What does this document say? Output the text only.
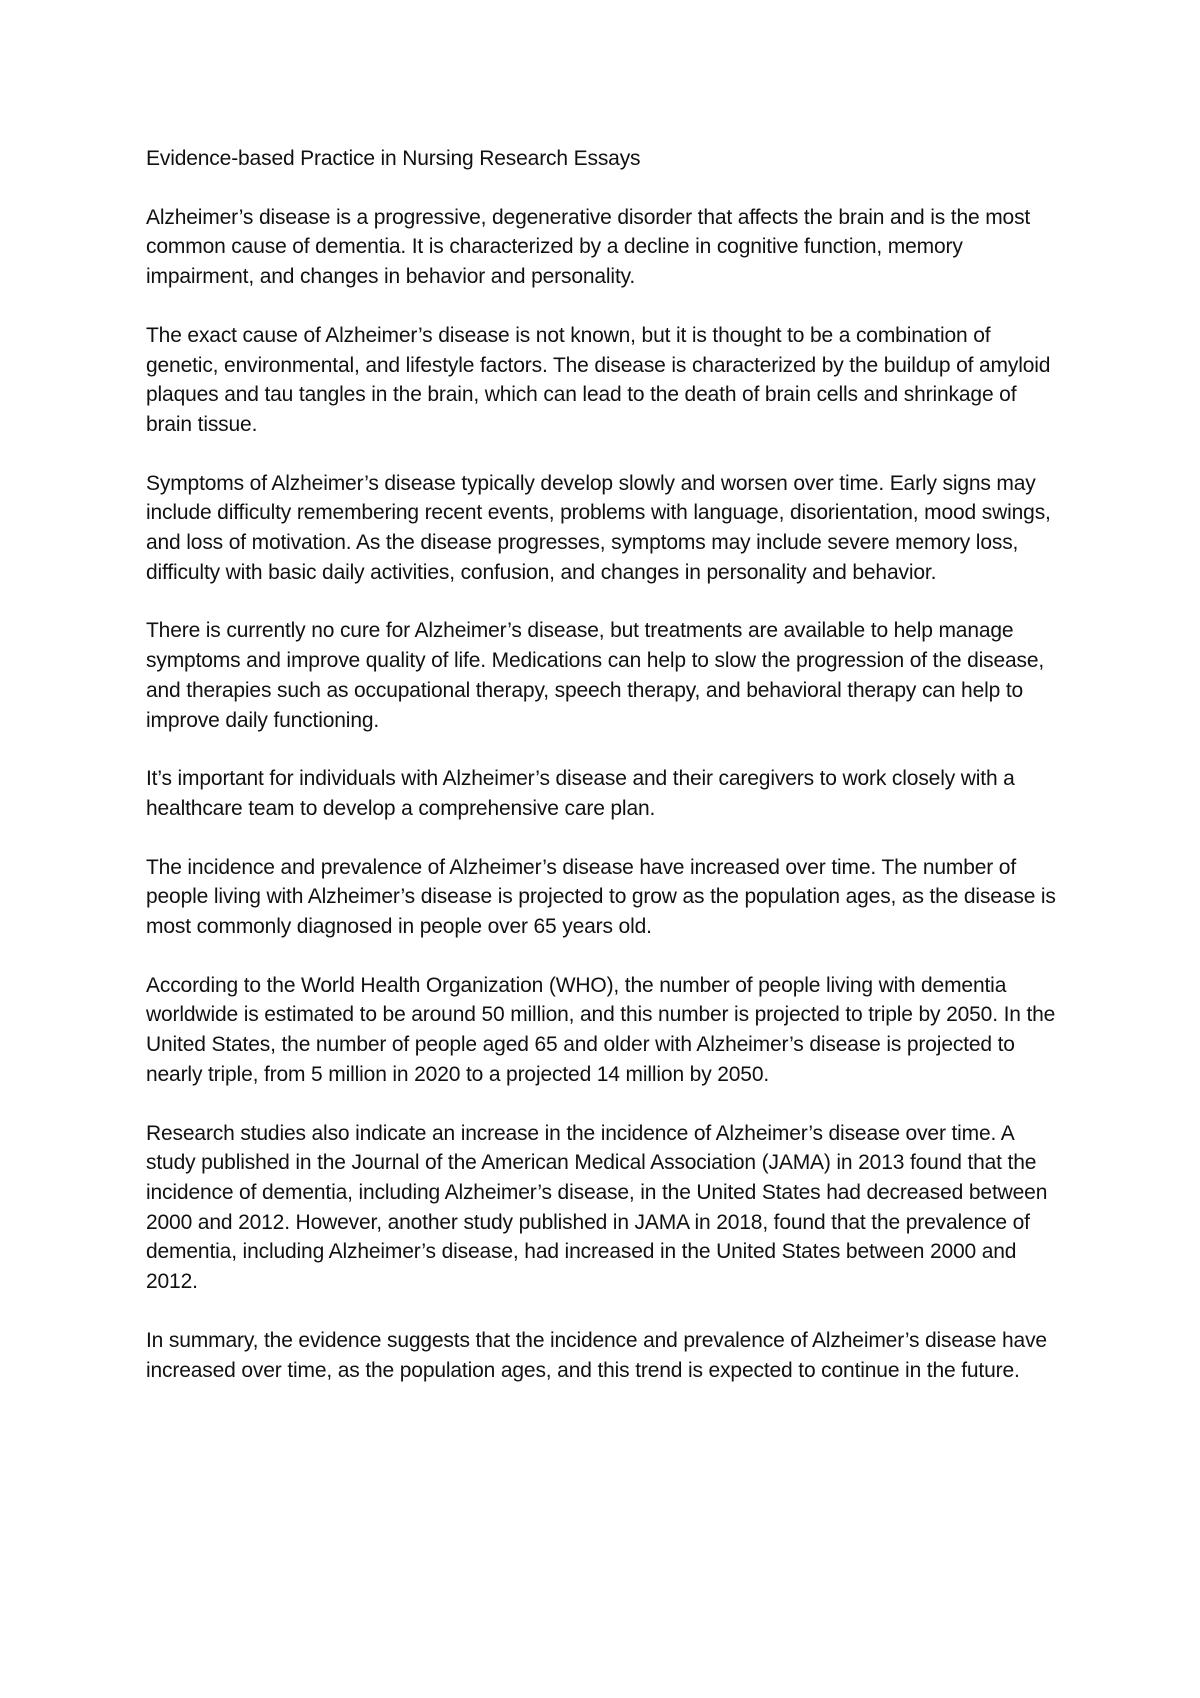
Evidence-based Practice in Nursing Research Essays

Alzheimer’s disease is a progressive, degenerative disorder that affects the brain and is the most common cause of dementia. It is characterized by a decline in cognitive function, memory impairment, and changes in behavior and personality.

The exact cause of Alzheimer’s disease is not known, but it is thought to be a combination of genetic, environmental, and lifestyle factors. The disease is characterized by the buildup of amyloid plaques and tau tangles in the brain, which can lead to the death of brain cells and shrinkage of brain tissue.

Symptoms of Alzheimer’s disease typically develop slowly and worsen over time. Early signs may include difficulty remembering recent events, problems with language, disorientation, mood swings, and loss of motivation. As the disease progresses, symptoms may include severe memory loss, difficulty with basic daily activities, confusion, and changes in personality and behavior.

There is currently no cure for Alzheimer’s disease, but treatments are available to help manage symptoms and improve quality of life. Medications can help to slow the progression of the disease, and therapies such as occupational therapy, speech therapy, and behavioral therapy can help to improve daily functioning.

It’s important for individuals with Alzheimer’s disease and their caregivers to work closely with a healthcare team to develop a comprehensive care plan.

The incidence and prevalence of Alzheimer’s disease have increased over time. The number of people living with Alzheimer’s disease is projected to grow as the population ages, as the disease is most commonly diagnosed in people over 65 years old.

According to the World Health Organization (WHO), the number of people living with dementia worldwide is estimated to be around 50 million, and this number is projected to triple by 2050. In the United States, the number of people aged 65 and older with Alzheimer’s disease is projected to nearly triple, from 5 million in 2020 to a projected 14 million by 2050.

Research studies also indicate an increase in the incidence of Alzheimer’s disease over time. A study published in the Journal of the American Medical Association (JAMA) in 2013 found that the incidence of dementia, including Alzheimer’s disease, in the United States had decreased between 2000 and 2012. However, another study published in JAMA in 2018, found that the prevalence of dementia, including Alzheimer’s disease, had increased in the United States between 2000 and 2012.

In summary, the evidence suggests that the incidence and prevalence of Alzheimer’s disease have increased over time, as the population ages, and this trend is expected to continue in the future.
